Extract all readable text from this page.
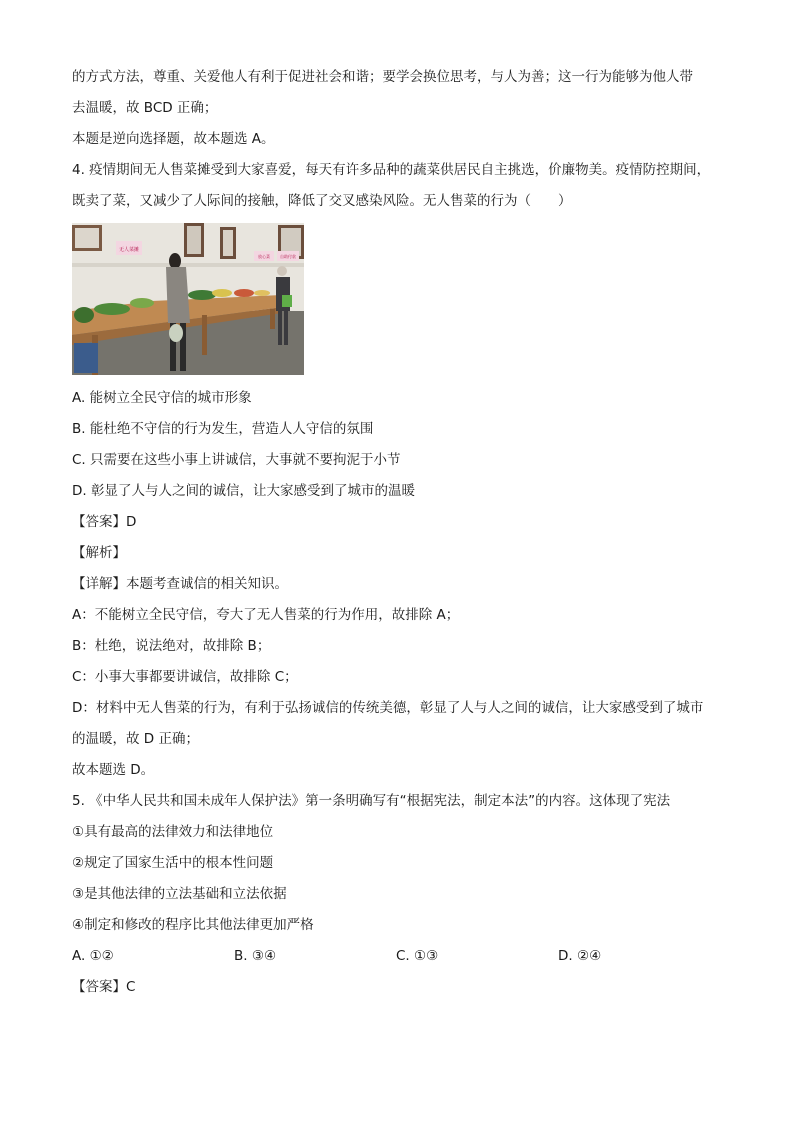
的方式方法，尊重、关爱他人有利于促进社会和谐；要学会换位思考，与人为善；这一行为能够为他人带
去温暖，故 BCD 正确；
本题是逆向选择题，故本题选 A。
4. 疫情期间无人售菜摊受到大家喜爱，每天有许多品种的蔬菜供居民自主挑选，价廉物美。疫情防控期间，
既卖了菜，又减少了人际间的接触，降低了交叉感染风险。无人售菜的行为（　　）
无人菜摊
放心菜	自助付款
A. 能树立全民守信的城市形象
B. 能杜绝不守信的行为发生，营造人人守信的氛围
C. 只需要在这些小事上讲诚信，大事就不要拘泥于小节
D. 彰显了人与人之间的诚信，让大家感受到了城市的温暖
【答案】D
【解析】
【详解】本题考查诚信的相关知识。
A：不能树立全民守信，夸大了无人售菜的行为作用，故排除 A；
B：杜绝，说法绝对，故排除 B；
C：小事大事都要讲诚信，故排除 C；
D：材料中无人售菜的行为，有利于弘扬诚信的传统美德，彰显了人与人之间的诚信，让大家感受到了城市
的温暖，故 D 正确；
故本题选 D。
5. 《中华人民共和国未成年人保护法》第一条明确写有“根据宪法，制定本法”的内容。这体现了宪法
①具有最高的法律效力和法律地位
②规定了国家生活中的根本性问题
③是其他法律的立法基础和立法依据
④制定和修改的程序比其他法律更加严格
A. ①②	B. ③④	C. ①③	D. ②④
【答案】C
